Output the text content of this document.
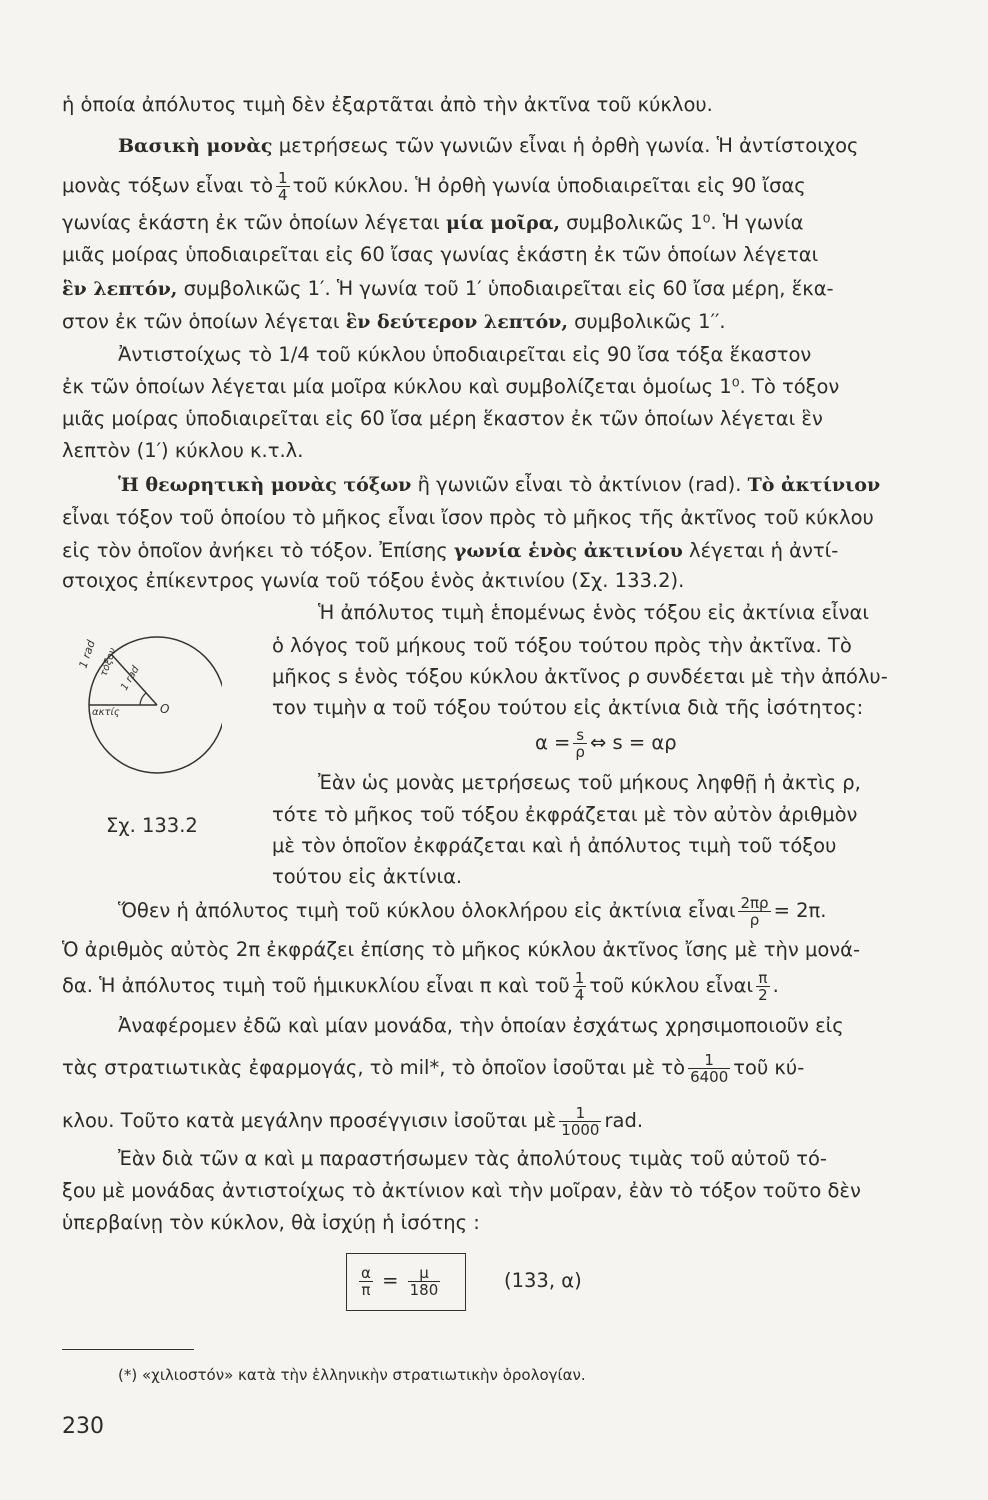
ἡ ὁποία ἀπόλυτος τιμὴ δὲν ἐξαρτᾶται ἀπὸ τὴν ἀκτῖνα τοῦ κύκλου.
Βασικὴ μονὰς μετρήσεως τῶν γωνιῶν εἶναι ἡ ὀρθὴ γωνία. Ἡ ἀντίστοιχος
μονὰς τόξων εἶναι τὸ $\frac{1}{4}$ τοῦ κύκλου. Ἡ ὀρθὴ γωνία ὑποδιαιρεῖται εἰς 90 ἴσας
γωνίας ἑκάστη ἐκ τῶν ὁποίων λέγεται μία μοῖρα, συμβολικῶς 1⁰. Ἡ γωνία
μιᾶς μοίρας ὑποδιαιρεῖται εἰς 60 ἴσας γωνίας ἑκάστη ἐκ τῶν ὁποίων λέγεται
ἓν λεπτόν, συμβολικῶς 1′. Ἡ γωνία τοῦ 1′ ὑποδιαιρεῖται εἰς 60 ἴσα μέρη, ἕκα-
στον ἐκ τῶν ὁποίων λέγεται ἓν δεύτερον λεπτόν, συμβολικῶς 1′′.
Ἀντιστοίχως τὸ 1/4 τοῦ κύκλου ὑποδιαιρεῖται εἰς 90 ἴσα τόξα ἕκαστον
ἐκ τῶν ὁποίων λέγεται μία μοῖρα κύκλου καὶ συμβολίζεται ὁμοίως 1⁰. Τὸ τόξον
μιᾶς μοίρας ὑποδιαιρεῖται εἰς 60 ἴσα μέρη ἕκαστον ἐκ τῶν ὁποίων λέγεται ἓν
λεπτὸν (1′) κύκλου κ.τ.λ.
Ἡ θεωρητικὴ μονὰς τόξων ἢ γωνιῶν εἶναι τὸ ἀκτίνιον (rad). Τὸ ἀκτίνιον
εἶναι τόξον τοῦ ὁποίου τὸ μῆκος εἶναι ἴσον πρὸς τὸ μῆκος τῆς ἀκτῖνος τοῦ κύκλου
εἰς τὸν ὁποῖον ἀνήκει τὸ τόξον. Ἐπίσης γωνία ἑνὸς ἀκτινίου λέγεται ἡ ἀντί-
στοιχος ἐπίκεντρος γωνία τοῦ τόξου ἑνὸς ἀκτινίου (Σχ. 133.2).
Ἡ ἀπόλυτος τιμὴ ἑπομένως ἑνὸς τόξου εἰς ἀκτίνια εἶναι
ὁ λόγος τοῦ μήκους τοῦ τόξου τούτου πρὸς τὴν ἀκτῖνα. Τὸ
μῆκος s ἑνὸς τόξου κύκλου ἀκτῖνος ρ συνδέεται μὲ τὴν ἀπόλυ-
τον τιμὴν α τοῦ τόξου τούτου εἰς ἀκτίνια διὰ τῆς ἰσότητος:
$\alpha = \frac{s}{\rho}$ ⇔ s = αρ
Ἐὰν ὡς μονὰς μετρήσεως τοῦ μήκους ληφθῇ ἡ ἀκτὶς ρ,
τότε τὸ μῆκος τοῦ τόξου ἐκφράζεται μὲ τὸν αὐτὸν ἀριθμὸν
μὲ τὸν ὁποῖον ἐκφράζεται καὶ ἡ ἀπόλυτος τιμὴ τοῦ τόξου
τούτου εἰς ἀκτίνια.
O
ακτίς
1 rad
τόξον
1 rad
Σχ. 133.2
Ὅθεν ἡ ἀπόλυτος τιμὴ τοῦ κύκλου ὁλοκλήρου εἰς ἀκτίνια εἶναι $\frac{2\pi\rho}{\rho} = 2\pi$.
Ὁ ἀριθμὸς αὐτὸς 2π ἐκφράζει ἐπίσης τὸ μῆκος κύκλου ἀκτῖνος ἴσης μὲ τὴν μονά-
δα. Ἡ ἀπόλυτος τιμὴ τοῦ ἡμικυκλίου εἶναι π καὶ τοῦ $\frac{1}{4}$ τοῦ κύκλου εἶναι $\frac{\pi}{2}$ .
Ἀναφέρομεν ἐδῶ καὶ μίαν μονάδα, τὴν ὁποίαν ἐσχάτως χρησιμοποιοῦν εἰς
τὰς στρατιωτικὰς ἐφαρμογάς, τὸ mil*, τὸ ὁποῖον ἰσοῦται μὲ τὸ $\frac{1}{6400}$ τοῦ κύ-
κλου. Τοῦτο κατὰ μεγάλην προσέγγισιν ἰσοῦται μὲ $\frac{1}{1000}$ rad.
Ἐὰν διὰ τῶν α καὶ μ παραστήσωμεν τὰς ἀπολύτους τιμὰς τοῦ αὐτοῦ τό-
ξου μὲ μονάδας ἀντιστοίχως τὸ ἀκτίνιον καὶ τὴν μοῖραν, ἐὰν τὸ τόξον τοῦτο δὲν
ὑπερβαίνῃ τὸν κύκλον, θὰ ἰσχύῃ ἡ ἰσότης :
$\frac{\alpha}{\pi} = \frac{\mu}{180}$	(133, α)
(*) «χιλιοστόν» κατὰ τὴν ἑλληνικὴν στρατιωτικὴν ὁρολογίαν.
230
